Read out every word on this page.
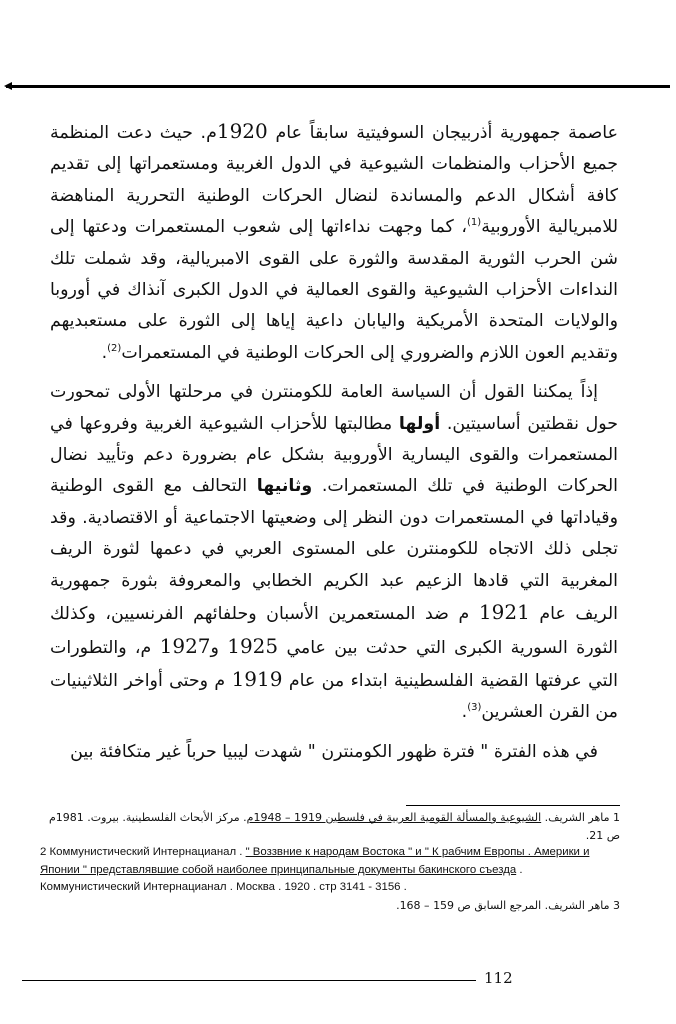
عاصمة جمهورية أذربيجان السوفيتية سابقاً عام 1920م. حيث دعت المنظمة جميع الأحزاب والمنظمات الشيوعية في الدول الغربية ومستعمراتها إلى تقديم كافة أشكال الدعم والمساندة لنضال الحركات الوطنية التحررية المناهضة للامبريالية الأوروبية$^{(1)}$، كما وجهت نداءاتها إلى شعوب المستعمرات ودعتها إلى شن الحرب الثورية المقدسة والثورة على القوى الامبريالية، وقد شملت تلك النداءات الأحزاب الشيوعية والقوى العمالية في الدول الكبرى آنذاك في أوروبا والولايات المتحدة الأمريكية واليابان داعية إياها إلى الثورة على مستعبديهم وتقديم العون اللازم والضروري إلى الحركات الوطنية في المستعمرات$^{(2)}$.

إذاً يمكننا القول أن السياسة العامة للكومنترن في مرحلتها الأولى تمحورت حول نقطتين أساسيتين. أولها مطالبتها للأحزاب الشيوعية الغربية وفروعها في المستعمرات والقوى اليسارية الأوروبية بشكل عام بضرورة دعم وتأييد نضال الحركات الوطنية في تلك المستعمرات. وثانيها التحالف مع القوى الوطنية وقياداتها في المستعمرات دون النظر إلى وضعيتها الاجتماعية أو الاقتصادية. وقد تجلى ذلك الاتجاه للكومنترن على المستوى العربي في دعمها لثورة الريف المغربية التي قادها الزعيم عبد الكريم الخطابي والمعروفة بثورة جمهورية الريف عام 1921 م ضد المستعمرين الأسبان وحلفائهم الفرنسيين، وكذلك الثورة السورية الكبرى التي حدثت بين عامي 1925 و1927 م، والتطورات التي عرفتها القضية الفلسطينية ابتداء من عام 1919 م وحتى أواخر الثلاثينيات من القرن العشرين$^{(3)}$.

في هذه الفترة " فترة ظهور الكومنترن " شهدت ليبيا حرباً غير متكافئة بين

1 ماهر الشريف. الشيوعية والمسألة القومية العربية في فلسطين 1919 – 1948م. مركز الأبحاث الفلسطينية. بيروت. 1981م ص 21.

2 Коммунистический Интернацианал . " Воззвние к народам Востока " и " К рабчим Европы . Америки и Японии " представлявшие собой наиболее принципальные документы бакинского съезда . Коммунистический Интернацианал . Москва . 1920 . стр 3141 - 3156 .

3 ماهر الشريف. المرجع السابق ص 159 – 168.

112
